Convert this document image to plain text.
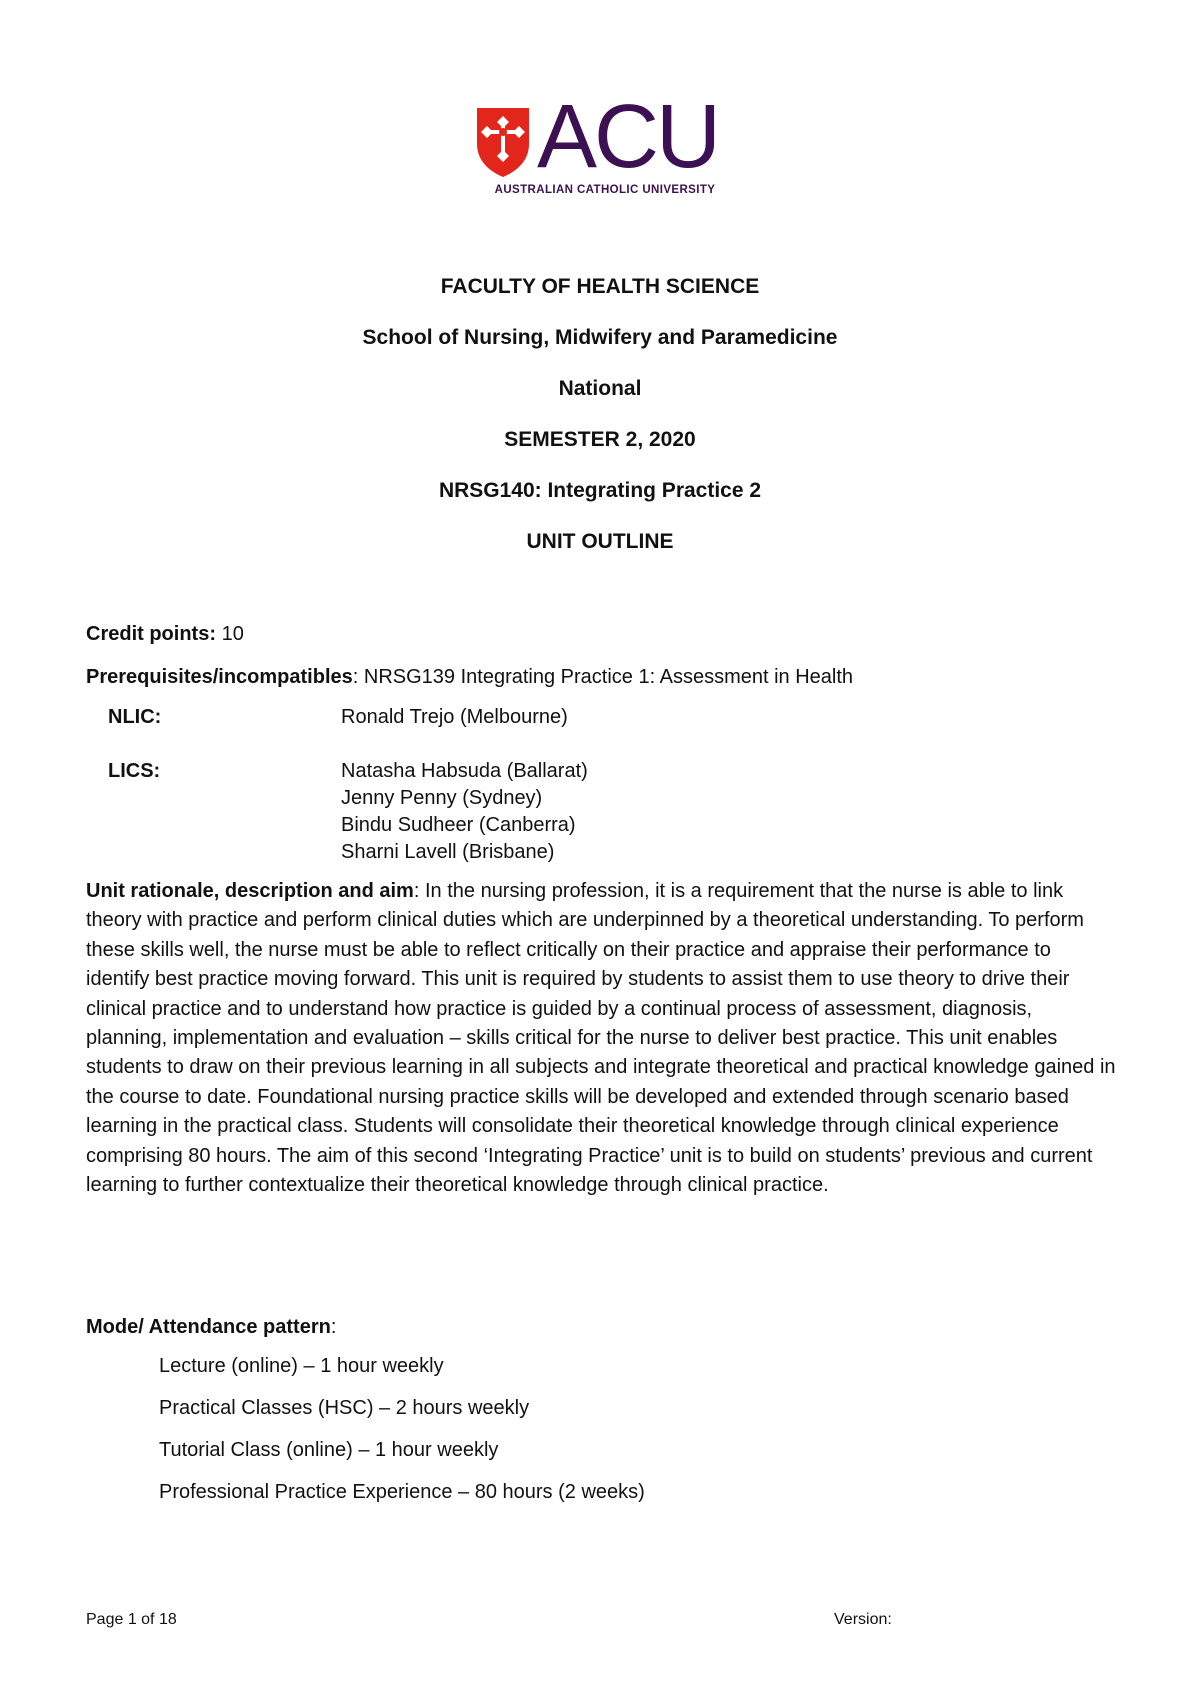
ACU
AUSTRALIAN CATHOLIC UNIVERSITY
FACULTY OF HEALTH SCIENCE
School of Nursing, Midwifery and Paramedicine
National
SEMESTER 2, 2020
NRSG140: Integrating Practice 2
UNIT OUTLINE
Credit points: 10
Prerequisites/incompatibles: NRSG139 Integrating Practice 1: Assessment in Health
NLIC:	Ronald Trejo (Melbourne)
LICS:	Natasha Habsuda (Ballarat)
Jenny Penny (Sydney)
Bindu Sudheer (Canberra)
Sharni Lavell (Brisbane)
Unit rationale, description and aim: In the nursing profession, it is a requirement that the nurse is able to link theory with practice and perform clinical duties which are underpinned by a theoretical understanding. To perform these skills well, the nurse must be able to reflect critically on their practice and appraise their performance to identify best practice moving forward. This unit is required by students to assist them to use theory to drive their clinical practice and to understand how practice is guided by a continual process of assessment, diagnosis, planning, implementation and evaluation – skills critical for the nurse to deliver best practice. This unit enables students to draw on their previous learning in all subjects and integrate theoretical and practical knowledge gained in the course to date. Foundational nursing practice skills will be developed and extended through scenario based learning in the practical class. Students will consolidate their theoretical knowledge through clinical experience comprising 80 hours. The aim of this second ‘Integrating Practice’ unit is to build on students’ previous and current learning to further contextualize their theoretical knowledge through clinical practice.
Mode/ Attendance pattern:
Lecture (online) – 1 hour weekly
Practical Classes (HSC) – 2 hours weekly
Tutorial Class (online) – 1 hour weekly
Professional Practice Experience – 80 hours (2 weeks)
Page 1 of 18	Version:
